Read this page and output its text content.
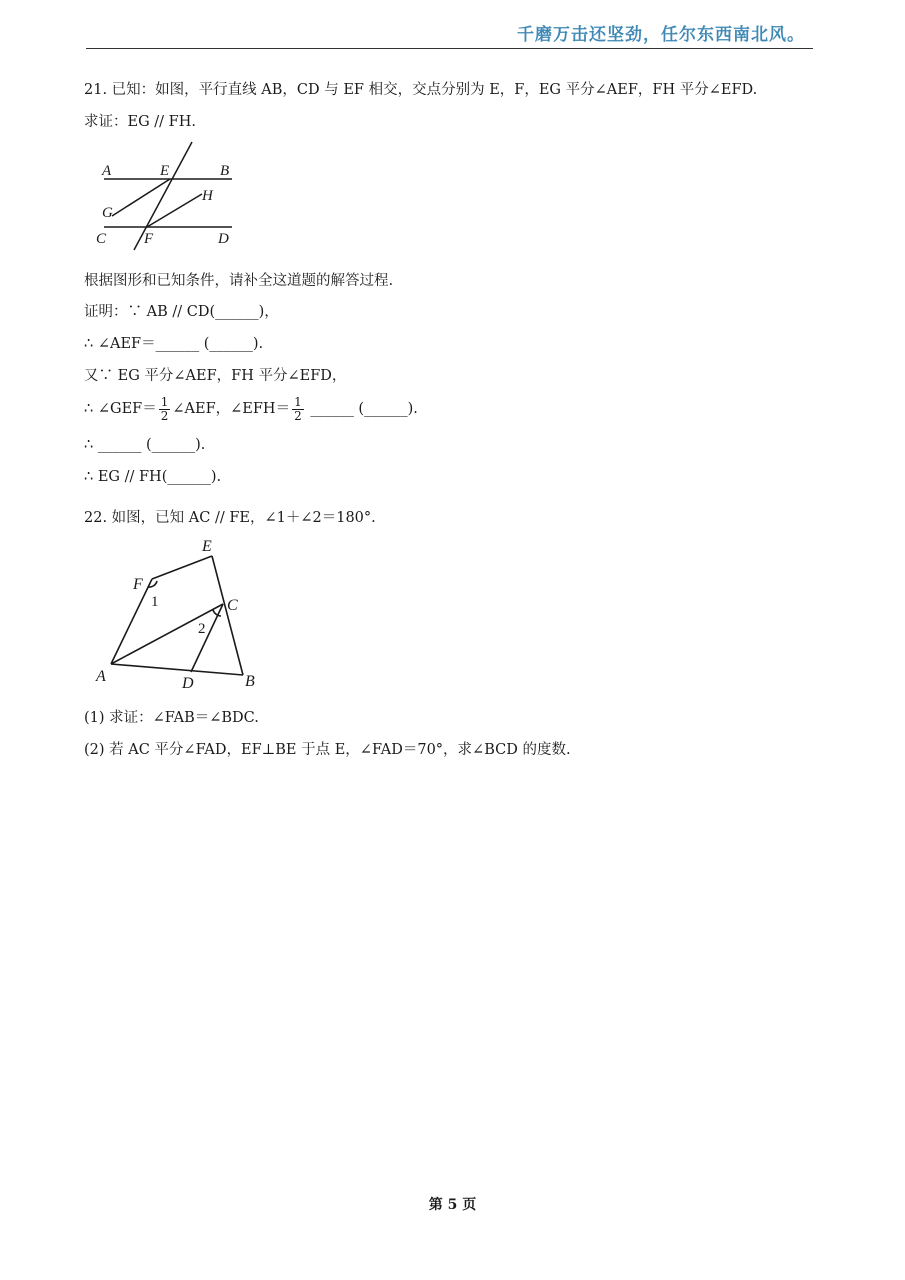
千磨万击还坚劲，任尔东西南北风。
21. 已知：如图，平行直线 AB，CD 与 EF 相交，交点分别为 E，F，EG 平分∠AEF，FH 平分∠EFD.
求证：EG // FH.
A	E	B
H
G
C	F	D
根据图形和已知条件，请补全这道题的解答过程.
证明：∵ AB // CD(______)，
∴ ∠AEF＝______ (______).
又∵ EG 平分∠AEF，FH 平分∠EFD，
∴ ∠GEF＝ $\frac{1}{2}$ ∠AEF，∠EFH＝ $\frac{1}{2}$ ______ (______).
∴ ______ (______).
∴ EG // FH(______).
22. 如图，已知 AC // FE，∠1＋∠2＝180°.
E
F
C
A	D	B
1
2
(1) 求证：∠FAB＝∠BDC.
(2) 若 AC 平分∠FAD，EF⊥BE 于点 E，∠FAD＝70°，求∠BCD 的度数.
第 5 页
